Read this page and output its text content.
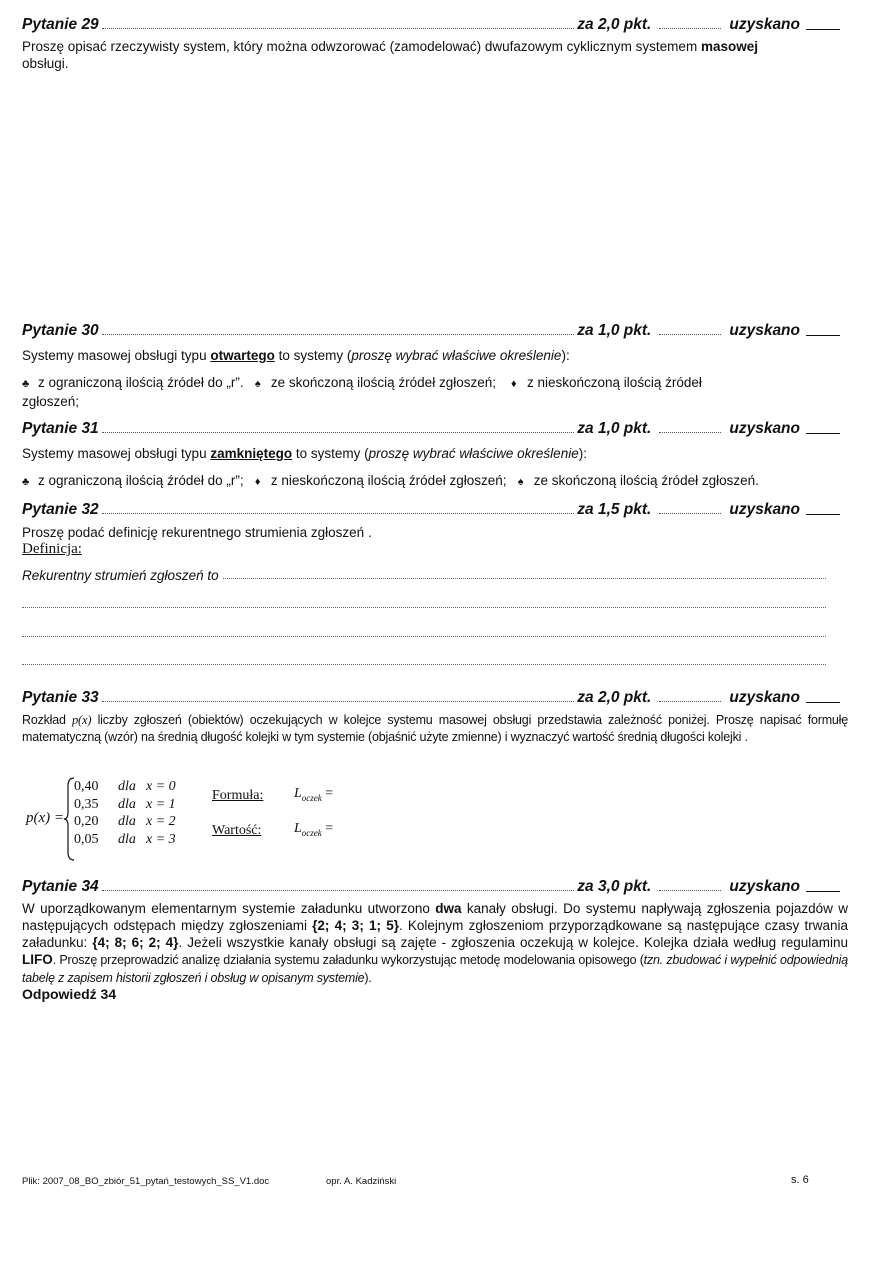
Pytanie 29	za 2,0 pkt.	uzyskano
Proszę opisać rzeczywisty system, który można odwzorować (zamodelować) dwufazowym cyklicznym systemem masowej
obsługi.
Pytanie 30	za 1,0 pkt.	uzyskano
Systemy masowej obsługi typu otwartego to systemy (proszę wybrać właściwe określenie):
♣ z ograniczoną ilością źródeł do „r”. ♠ ze skończoną ilością źródeł zgłoszeń; ♦ z nieskończoną ilością źródeł
zgłoszeń;
Pytanie 31	za 1,0 pkt.	uzyskano
Systemy masowej obsługi typu zamkniętego to systemy (proszę wybrać właściwe określenie):
♣ z ograniczoną ilością źródeł do „r”; ♦ z nieskończoną ilością źródeł zgłoszeń; ♠ ze skończoną ilością źródeł zgłoszeń.
Pytanie 32	za 1,5 pkt.	uzyskano
Proszę podać definicję rekurentnego strumienia zgłoszeń .
Definicja:
Rekurentny strumień zgłoszeń to
Pytanie 33	za 2,0 pkt.	uzyskano
Rozkład p(x) liczby zgłoszeń (obiektów) oczekujących w kolejce systemu masowej obsługi przedstawia zależność poniżej. Proszę napisać formułę matematyczną (wzór) na średnią długość kolejki w tym systemie (objaśnić użyte zmienne) i wyznaczyć wartość średnią długości kolejki .
p(x) =
0,40 dla x = 0
0,35 dla x = 1
0,20 dla x = 2
0,05 dla x = 3
Formuła: $L_{oczek}$ =
Wartość: $L_{oczek}$ =
Pytanie 34	za 3,0 pkt.	uzyskano
W uporządkowanym elementarnym systemie załadunku utworzono dwa kanały obsługi. Do systemu napływają zgłoszenia pojazdów w następujących odstępach między zgłoszeniami {2; 4; 3; 1; 5}. Kolejnym zgłoszeniom przyporządkowane są następujące czasy trwania załadunku: {4; 8; 6; 2; 4}. Jeżeli wszystkie kanały obsługi są zajęte - zgłoszenia oczekują w kolejce. Kolejka działa według regulaminu LIFO. Proszę przeprowadzić analizę działania systemu załadunku wykorzystując metodę modelowania opisowego (tzn. zbudować i wypełnić odpowiednią tabelę z zapisem historii zgłoszeń i obsług w opisanym systemie).
Odpowiedź 34
Plik: 2007_08_BO_zbiór_51_pytań_testowych_SS_V1.doc	opr. A. Kadziński	s. 6
